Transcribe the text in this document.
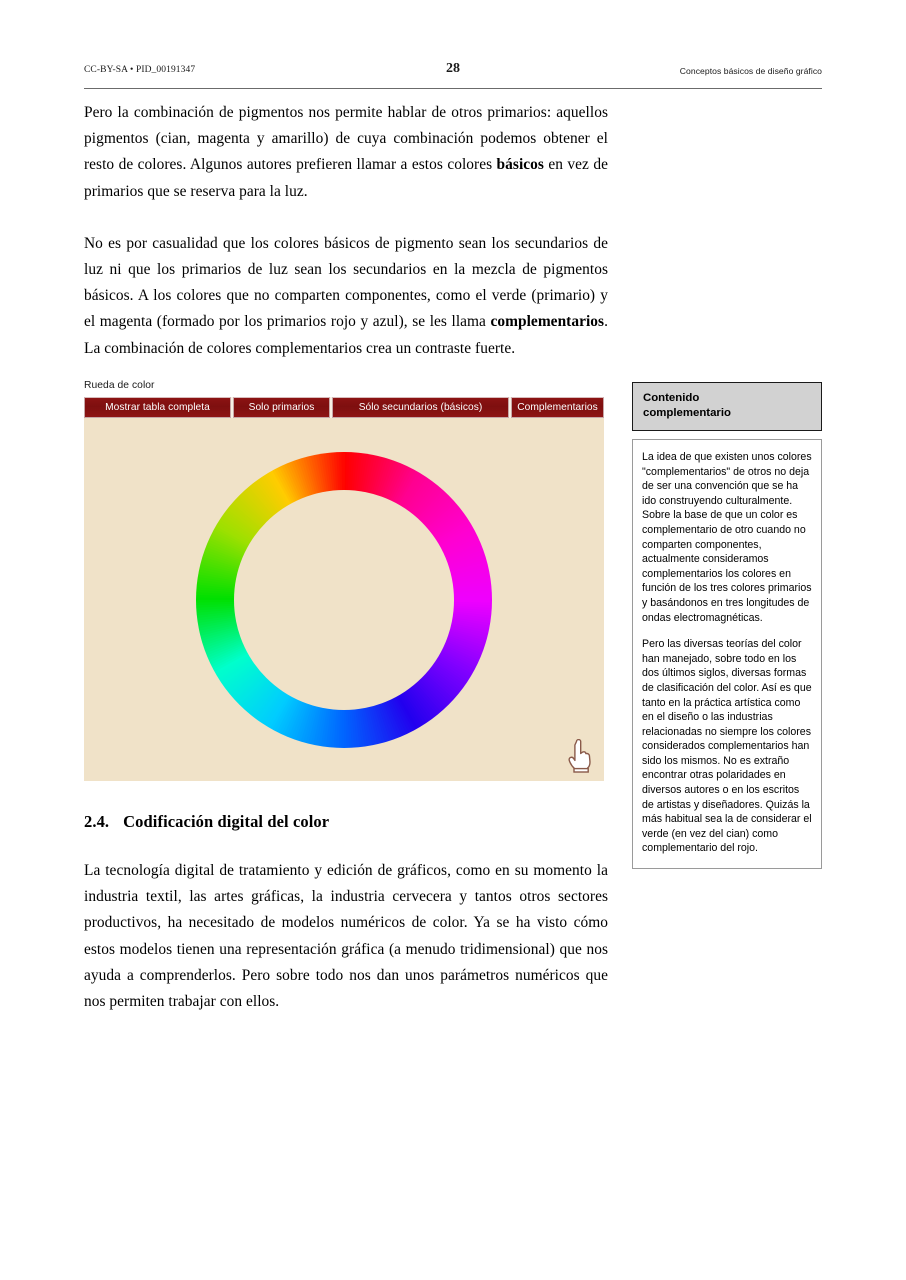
CC-BY-SA • PID_00191347	28	Conceptos básicos de diseño gráfico

Pero la combinación de pigmentos nos permite hablar de otros primarios: aquellos pigmentos (cian, magenta y amarillo) de cuya combinación podemos obtener el resto de colores. Algunos autores prefieren llamar a estos colores básicos en vez de primarios que se reserva para la luz.

No es por casualidad que los colores básicos de pigmento sean los secundarios de luz ni que los primarios de luz sean los secundarios en la mezcla de pigmentos básicos. A los colores que no comparten componentes, como el verde (primario) y el magenta (formado por los primarios rojo y azul), se les llama complementarios. La combinación de colores complementarios crea un contraste fuerte.

Rueda de color
Mostrar tabla completa	Solo primarios	Sólo secundarios (básicos)	Complementarios
Contenido
complementario

La idea de que existen unos colores "complementarios" de otros no deja de ser una convención que se ha ido construyendo culturalmente. Sobre la base de que un color es complementario de otro cuando no comparten componentes, actualmente consideramos complementarios los colores en función de los tres colores primarios y basándonos en tres longitudes de ondas electromagnéticas.

Pero las diversas teorías del color han manejado, sobre todo en los dos últimos siglos, diversas formas de clasificación del color. Así es que tanto en la práctica artística como en el diseño o las industrias relacionadas no siempre los colores considerados complementarios han sido los mismos. No es extraño encontrar otras polaridades en diversos autores o en los escritos de artistas y diseñadores. Quizás la más habitual sea la de considerar el verde (en vez del cian) como complementario del rojo.

2.4. Codificación digital del color

La tecnología digital de tratamiento y edición de gráficos, como en su momento la industria textil, las artes gráficas, la industria cervecera y tantos otros sectores productivos, ha necesitado de modelos numéricos de color. Ya se ha visto cómo estos modelos tienen una representación gráfica (a menudo tridimensional) que nos ayuda a comprenderlos. Pero sobre todo nos dan unos parámetros numéricos que nos permiten trabajar con ellos.
